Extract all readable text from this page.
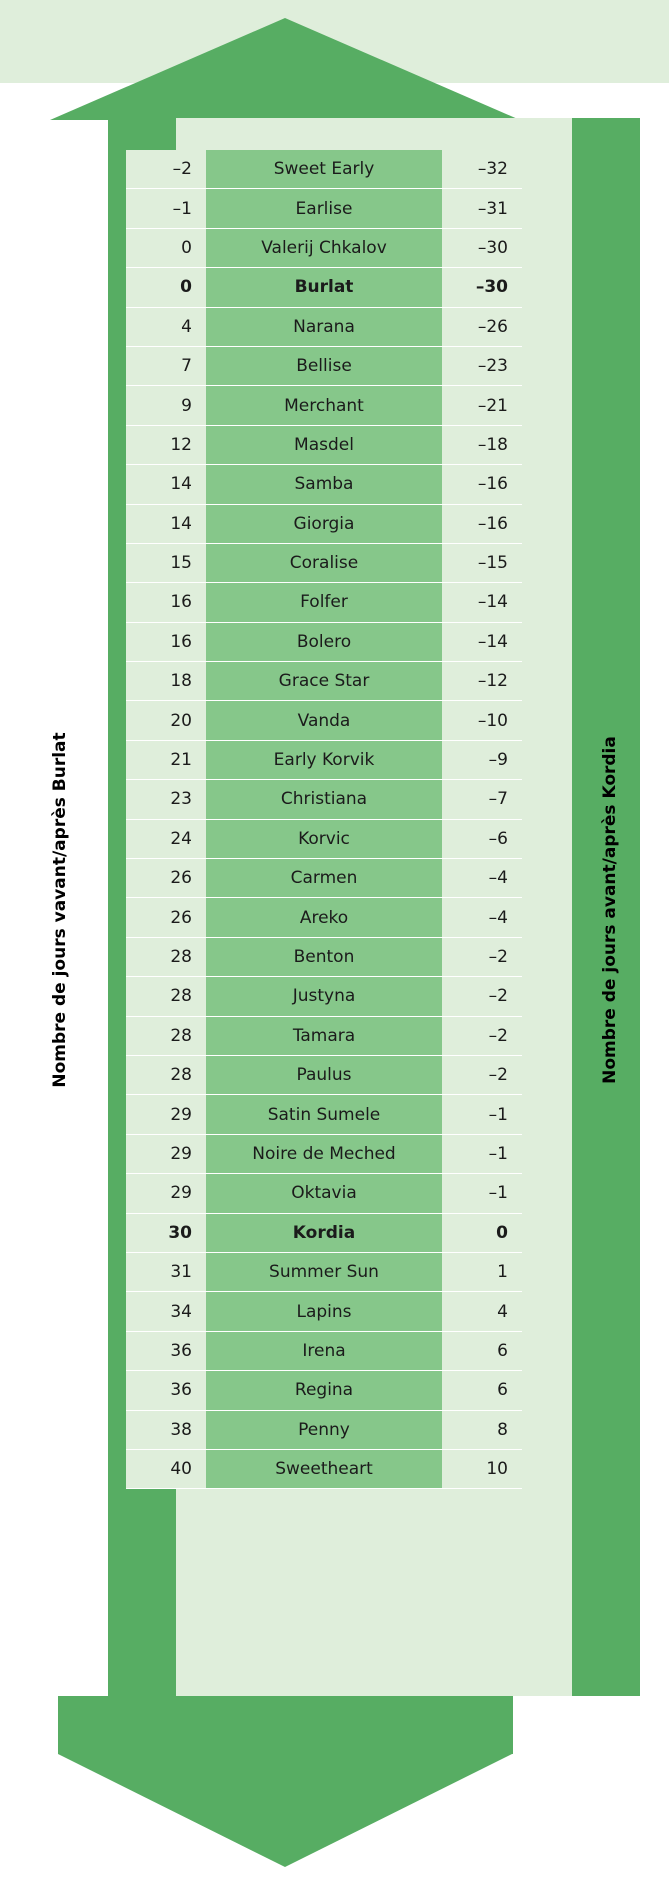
Nombre de jours vavant/après Burlat	Nombre de jours avant/après Kordia
–2	Sweet Early	–32
–1	Earlise	–31
0	Valerij Chkalov	–30
0	Burlat	–30
4	Narana	–26
7	Bellise	–23
9	Merchant	–21
12	Masdel	–18
14	Samba	–16
14	Giorgia	–16
15	Coralise	–15
16	Folfer	–14
16	Bolero	–14
18	Grace Star	–12
20	Vanda	–10
21	Early Korvik	–9
23	Christiana	–7
24	Korvic	–6
26	Carmen	–4
26	Areko	–4
28	Benton	–2
28	Justyna	–2
28	Tamara	–2
28	Paulus	–2
29	Satin Sumele	–1
29	Noire de Meched	–1
29	Oktavia	–1
30	Kordia	0
31	Summer Sun	1
34	Lapins	4
36	Irena	6
36	Regina	6
38	Penny	8
40	Sweetheart	10
